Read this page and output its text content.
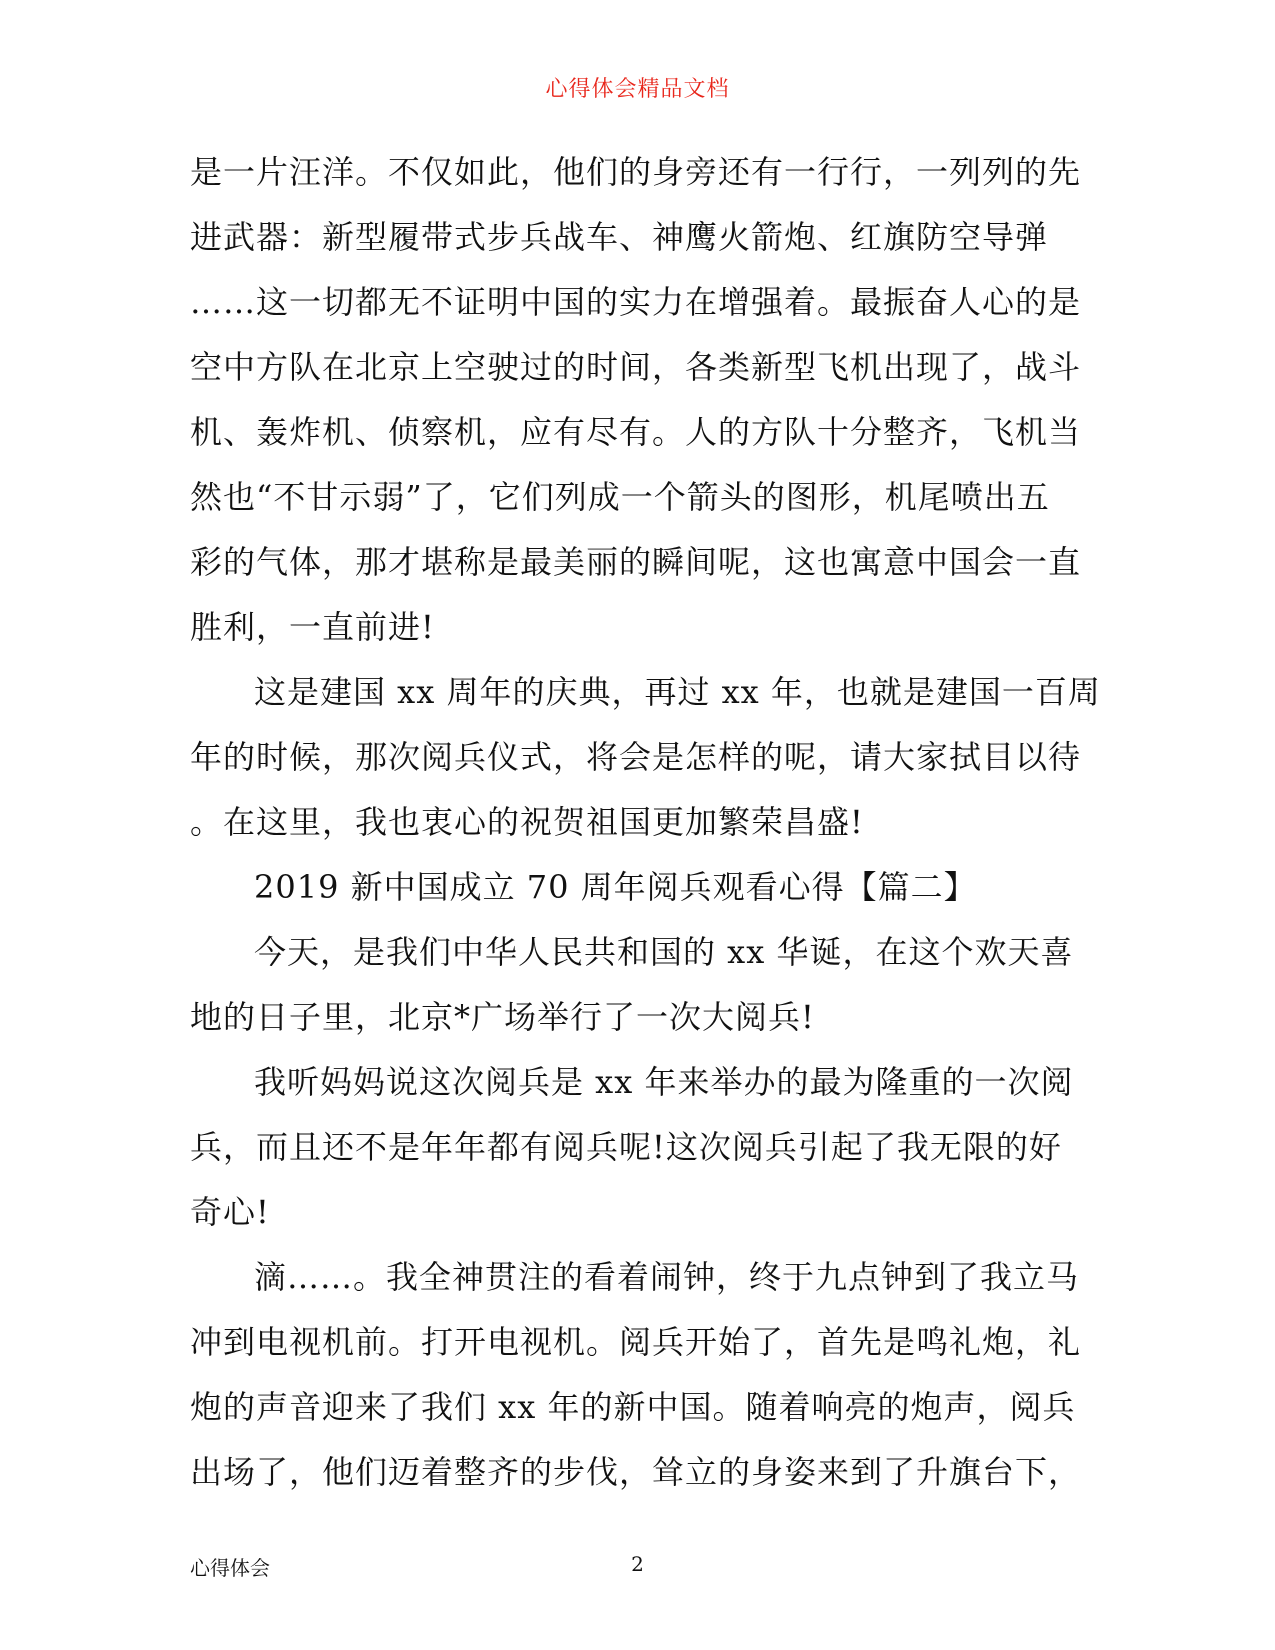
心得体会精品文档
是一片汪洋。不仅如此，他们的身旁还有一行行，一列列的先
进武器：新型履带式步兵战车、神鹰火箭炮、红旗防空导弹
……这一切都无不证明中国的实力在增强着。最振奋人心的是
空中方队在北京上空驶过的时间，各类新型飞机出现了，战斗
机、轰炸机、侦察机，应有尽有。人的方队十分整齐，飞机当
然也“不甘示弱”了，它们列成一个箭头的图形，机尾喷出五
彩的气体，那才堪称是最美丽的瞬间呢，这也寓意中国会一直
胜利，一直前进!
这是建国 xx 周年的庆典，再过 xx 年，也就是建国一百周
年的时候，那次阅兵仪式，将会是怎样的呢，请大家拭目以待
。在这里，我也衷心的祝贺祖国更加繁荣昌盛!
2019 新中国成立 70 周年阅兵观看心得【篇二】
今天，是我们中华人民共和国的 xx 华诞，在这个欢天喜
地的日子里，北京*广场举行了一次大阅兵!
我听妈妈说这次阅兵是 xx 年来举办的最为隆重的一次阅
兵，而且还不是年年都有阅兵呢!这次阅兵引起了我无限的好
奇心!
滴……。我全神贯注的看着闹钟，终于九点钟到了我立马
冲到电视机前。打开电视机。阅兵开始了，首先是鸣礼炮，礼
炮的声音迎来了我们 xx 年的新中国。随着响亮的炮声，阅兵
出场了，他们迈着整齐的步伐，耸立的身姿来到了升旗台下，
心得体会	2
